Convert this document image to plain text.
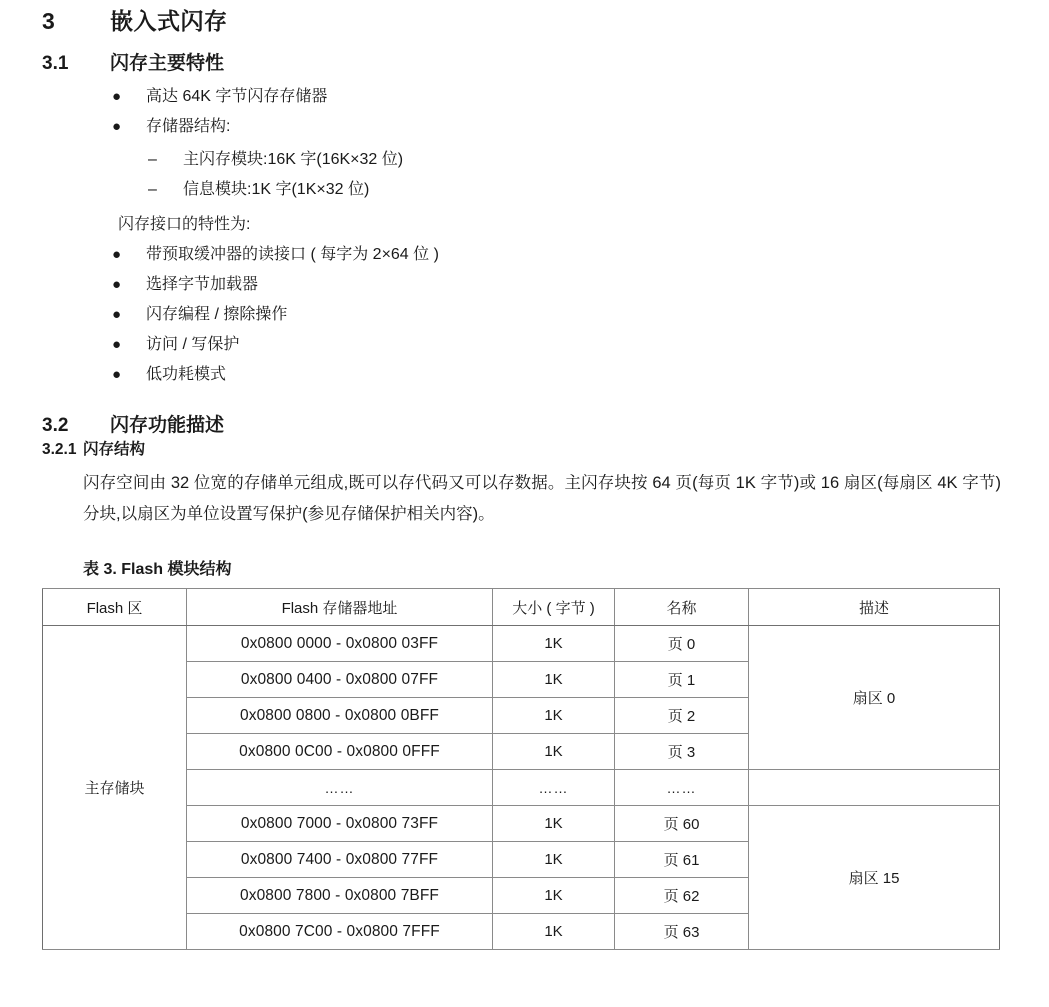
3 嵌入式闪存
3.1 闪存主要特性
● 高达 64K 字节闪存存储器
● 存储器结构:
– 主闪存模块:16K 字(16K×32 位)
– 信息模块:1K 字(1K×32 位)
闪存接口的特性为:
● 带预取缓冲器的读接口 ( 每字为 2×64 位 )
● 选择字节加载器
● 闪存编程 / 擦除操作
● 访问 / 写保护
● 低功耗模式
3.2 闪存功能描述
3.2.1 闪存结构
闪存空间由 32 位宽的存储单元组成,既可以存代码又可以存数据。主闪存块按 64 页(每页 1K 字节)或 16 扇区(每扇区 4K 字节)分块,以扇区为单位设置写保护(参见存储保护相关内容)。
表 3. Flash 模块结构
Flash 区	Flash 存储器地址	大小 ( 字节 )	名称	描述
主存储块	0x0800 0000 - 0x0800 03FF	1K	页 0	扇区 0
	0x0800 0400 - 0x0800 07FF	1K	页 1	
	0x0800 0800 - 0x0800 0BFF	1K	页 2	
	0x0800 0C00 - 0x0800 0FFF	1K	页 3	
	……	……	……	
	0x0800 7000 - 0x0800 73FF	1K	页 60	扇区 15
	0x0800 7400 - 0x0800 77FF	1K	页 61	
	0x0800 7800 - 0x0800 7BFF	1K	页 62	
	0x0800 7C00 - 0x0800 7FFF	1K	页 63	
